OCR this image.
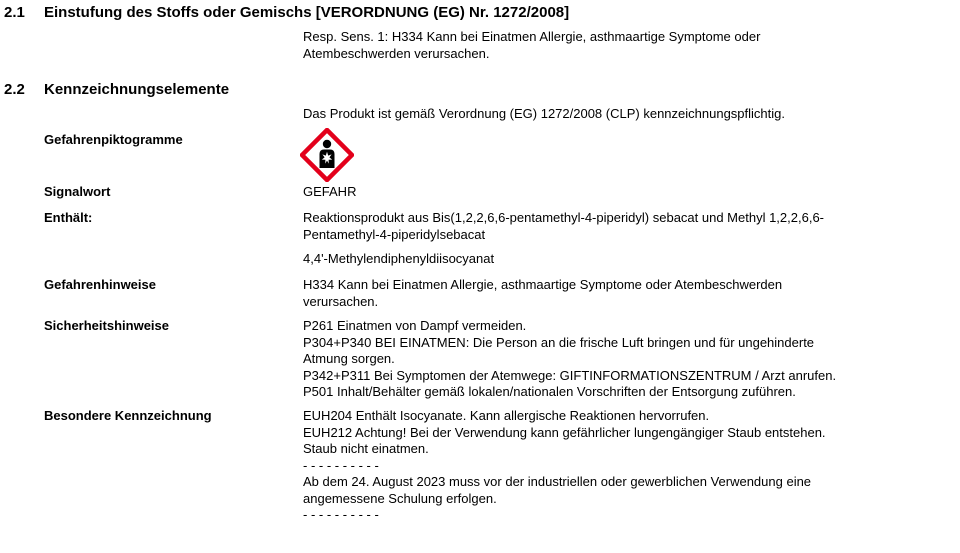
2.1 Einstufung des Stoffs oder Gemischs [VERORDNUNG (EG) Nr. 1272/2008]
Resp. Sens. 1: H334 Kann bei Einatmen Allergie, asthmaartige Symptome oder
Atembeschwerden verursachen.
2.2 Kennzeichnungselemente
Das Produkt ist gemäß Verordnung (EG) 1272/2008 (CLP) kennzeichnungspflichtig.
Gefahrenpiktogramme
Signalwort	GEFAHR
Enthält:	Reaktionsprodukt aus Bis(1,2,2,6,6-pentamethyl-4-piperidyl) sebacat und Methyl 1,2,2,6,6-
Pentamethyl-4-piperidylsebacat
4,4'-Methylendiphenyldiisocyanat
Gefahrenhinweise	H334 Kann bei Einatmen Allergie, asthmaartige Symptome oder Atembeschwerden
verursachen.
Sicherheitshinweise	P261 Einatmen von Dampf vermeiden.
P304+P340 BEI EINATMEN: Die Person an die frische Luft bringen und für ungehinderte
Atmung sorgen.
P342+P311 Bei Symptomen der Atemwege: GIFTINFORMATIONSZENTRUM / Arzt anrufen.
P501 Inhalt/Behälter gemäß lokalen/nationalen Vorschriften der Entsorgung zuführen.
Besondere Kennzeichnung	EUH204 Enthält Isocyanate. Kann allergische Reaktionen hervorrufen.
EUH212 Achtung! Bei der Verwendung kann gefährlicher lungengängiger Staub entstehen.
Staub nicht einatmen.
- - - - - - - - - -
Ab dem 24. August 2023 muss vor der industriellen oder gewerblichen Verwendung eine
angemessene Schulung erfolgen.
- - - - - - - - - -
